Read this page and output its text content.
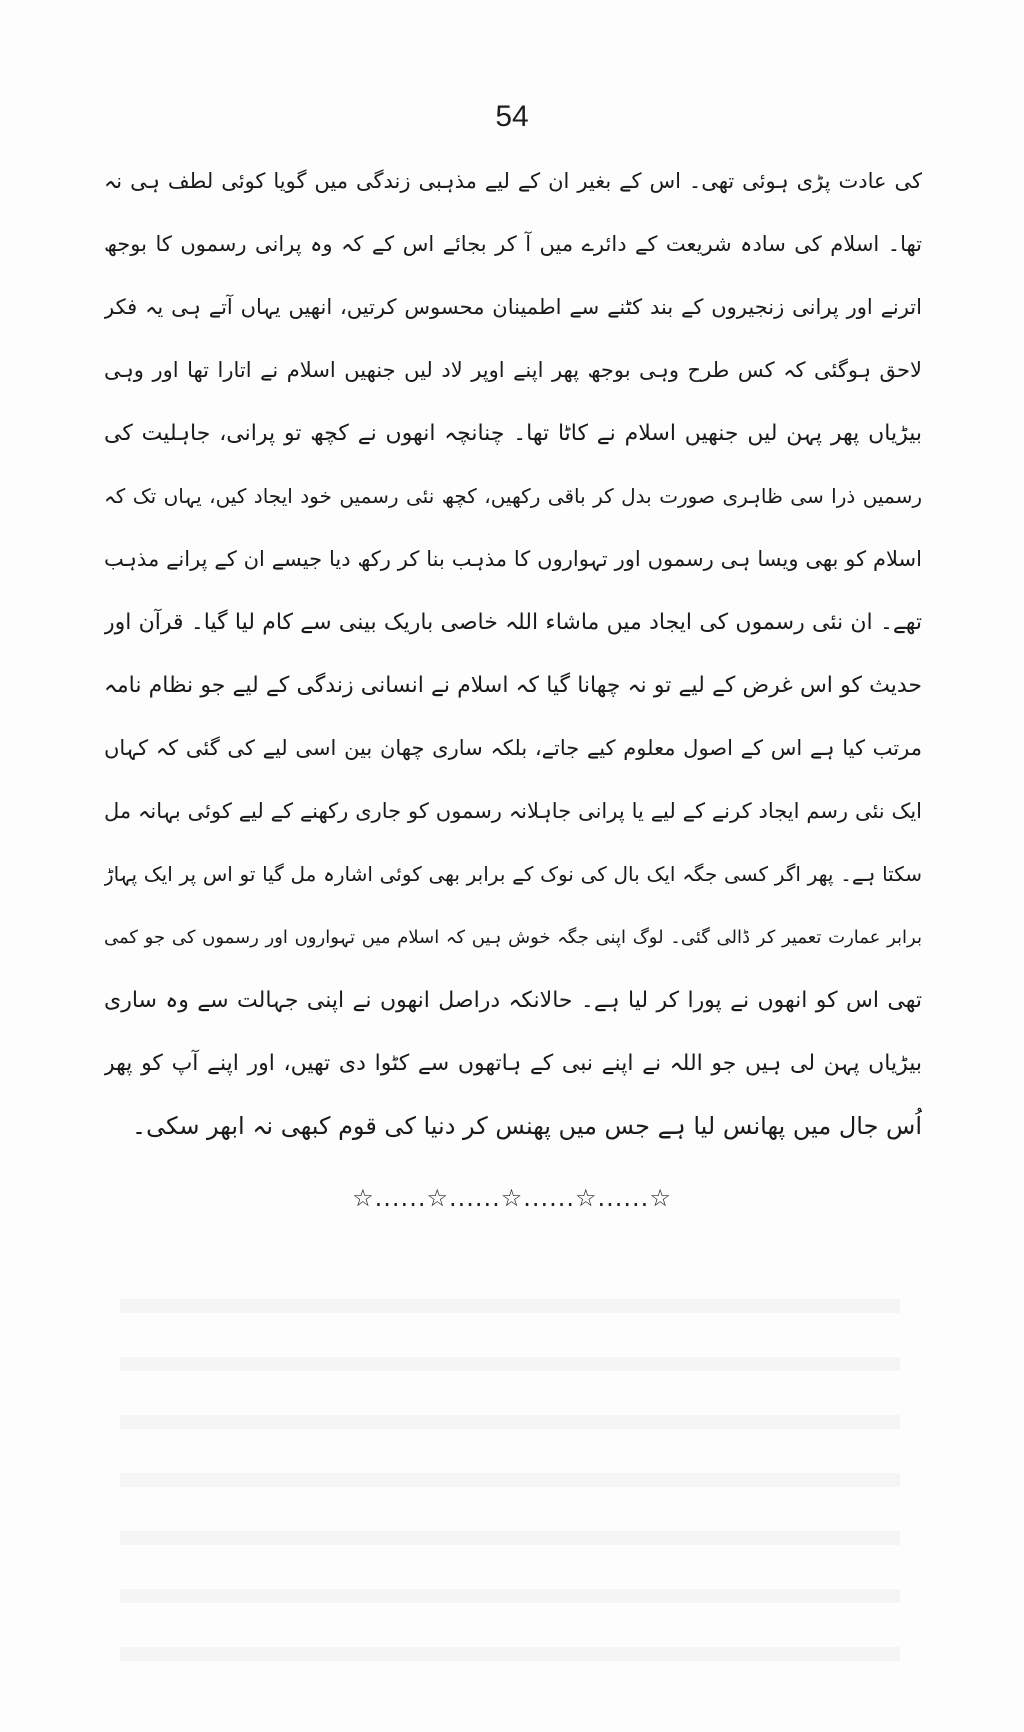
54
کی عادت پڑی ہوئی تھی۔ اس کے بغیر ان کے لیے مذہبی زندگی میں گویا کوئی لطف ہی نہ
تھا۔ اسلام کی سادہ شریعت کے دائرے میں آ کر بجائے اس کے کہ وہ پرانی رسموں کا بوجھ
اترنے اور پرانی زنجیروں کے بند کٹنے سے اطمینان محسوس کرتیں، انھیں یہاں آتے ہی یہ فکر
لاحق ہوگئی کہ کس طرح وہی بوجھ پھر اپنے اوپر لاد لیں جنھیں اسلام نے اتارا تھا اور وہی
بیڑیاں پھر پہن لیں جنھیں اسلام نے کاٹا تھا۔ چنانچہ انھوں نے کچھ تو پرانی، جاہلیت کی
رسمیں ذرا سی ظاہری صورت بدل کر باقی رکھیں، کچھ نئی رسمیں خود ایجاد کیں، یہاں تک کہ
اسلام کو بھی ویسا ہی رسموں اور تہواروں کا مذہب بنا کر رکھ دیا جیسے ان کے پرانے مذہب
تھے۔ ان نئی رسموں کی ایجاد میں ماشاء اللہ خاصی باریک بینی سے کام لیا گیا۔ قرآن اور
حدیث کو اس غرض کے لیے تو نہ چھانا گیا کہ اسلام نے انسانی زندگی کے لیے جو نظام نامہ
مرتب کیا ہے اس کے اصول معلوم کیے جاتے، بلکہ ساری چھان بین اسی لیے کی گئی کہ کہاں
ایک نئی رسم ایجاد کرنے کے لیے یا پرانی جاہلانہ رسموں کو جاری رکھنے کے لیے کوئی بہانہ مل
سکتا ہے۔ پھر اگر کسی جگہ ایک بال کی نوک کے برابر بھی کوئی اشارہ مل گیا تو اس پر ایک پہاڑ
برابر عمارت تعمیر کر ڈالی گئی۔ لوگ اپنی جگہ خوش ہیں کہ اسلام میں تہواروں اور رسموں کی جو کمی
تھی اس کو انھوں نے پورا کر لیا ہے۔ حالانکہ دراصل انھوں نے اپنی جہالت سے وہ ساری
بیڑیاں پہن لی ہیں جو اللہ نے اپنے نبی کے ہاتھوں سے کٹوا دی تھیں، اور اپنے آپ کو پھر
اُس جال میں پھانس لیا ہے جس میں پھنس کر دنیا کی قوم کبھی نہ ابھر سکی۔
☆......☆......☆......☆......☆
